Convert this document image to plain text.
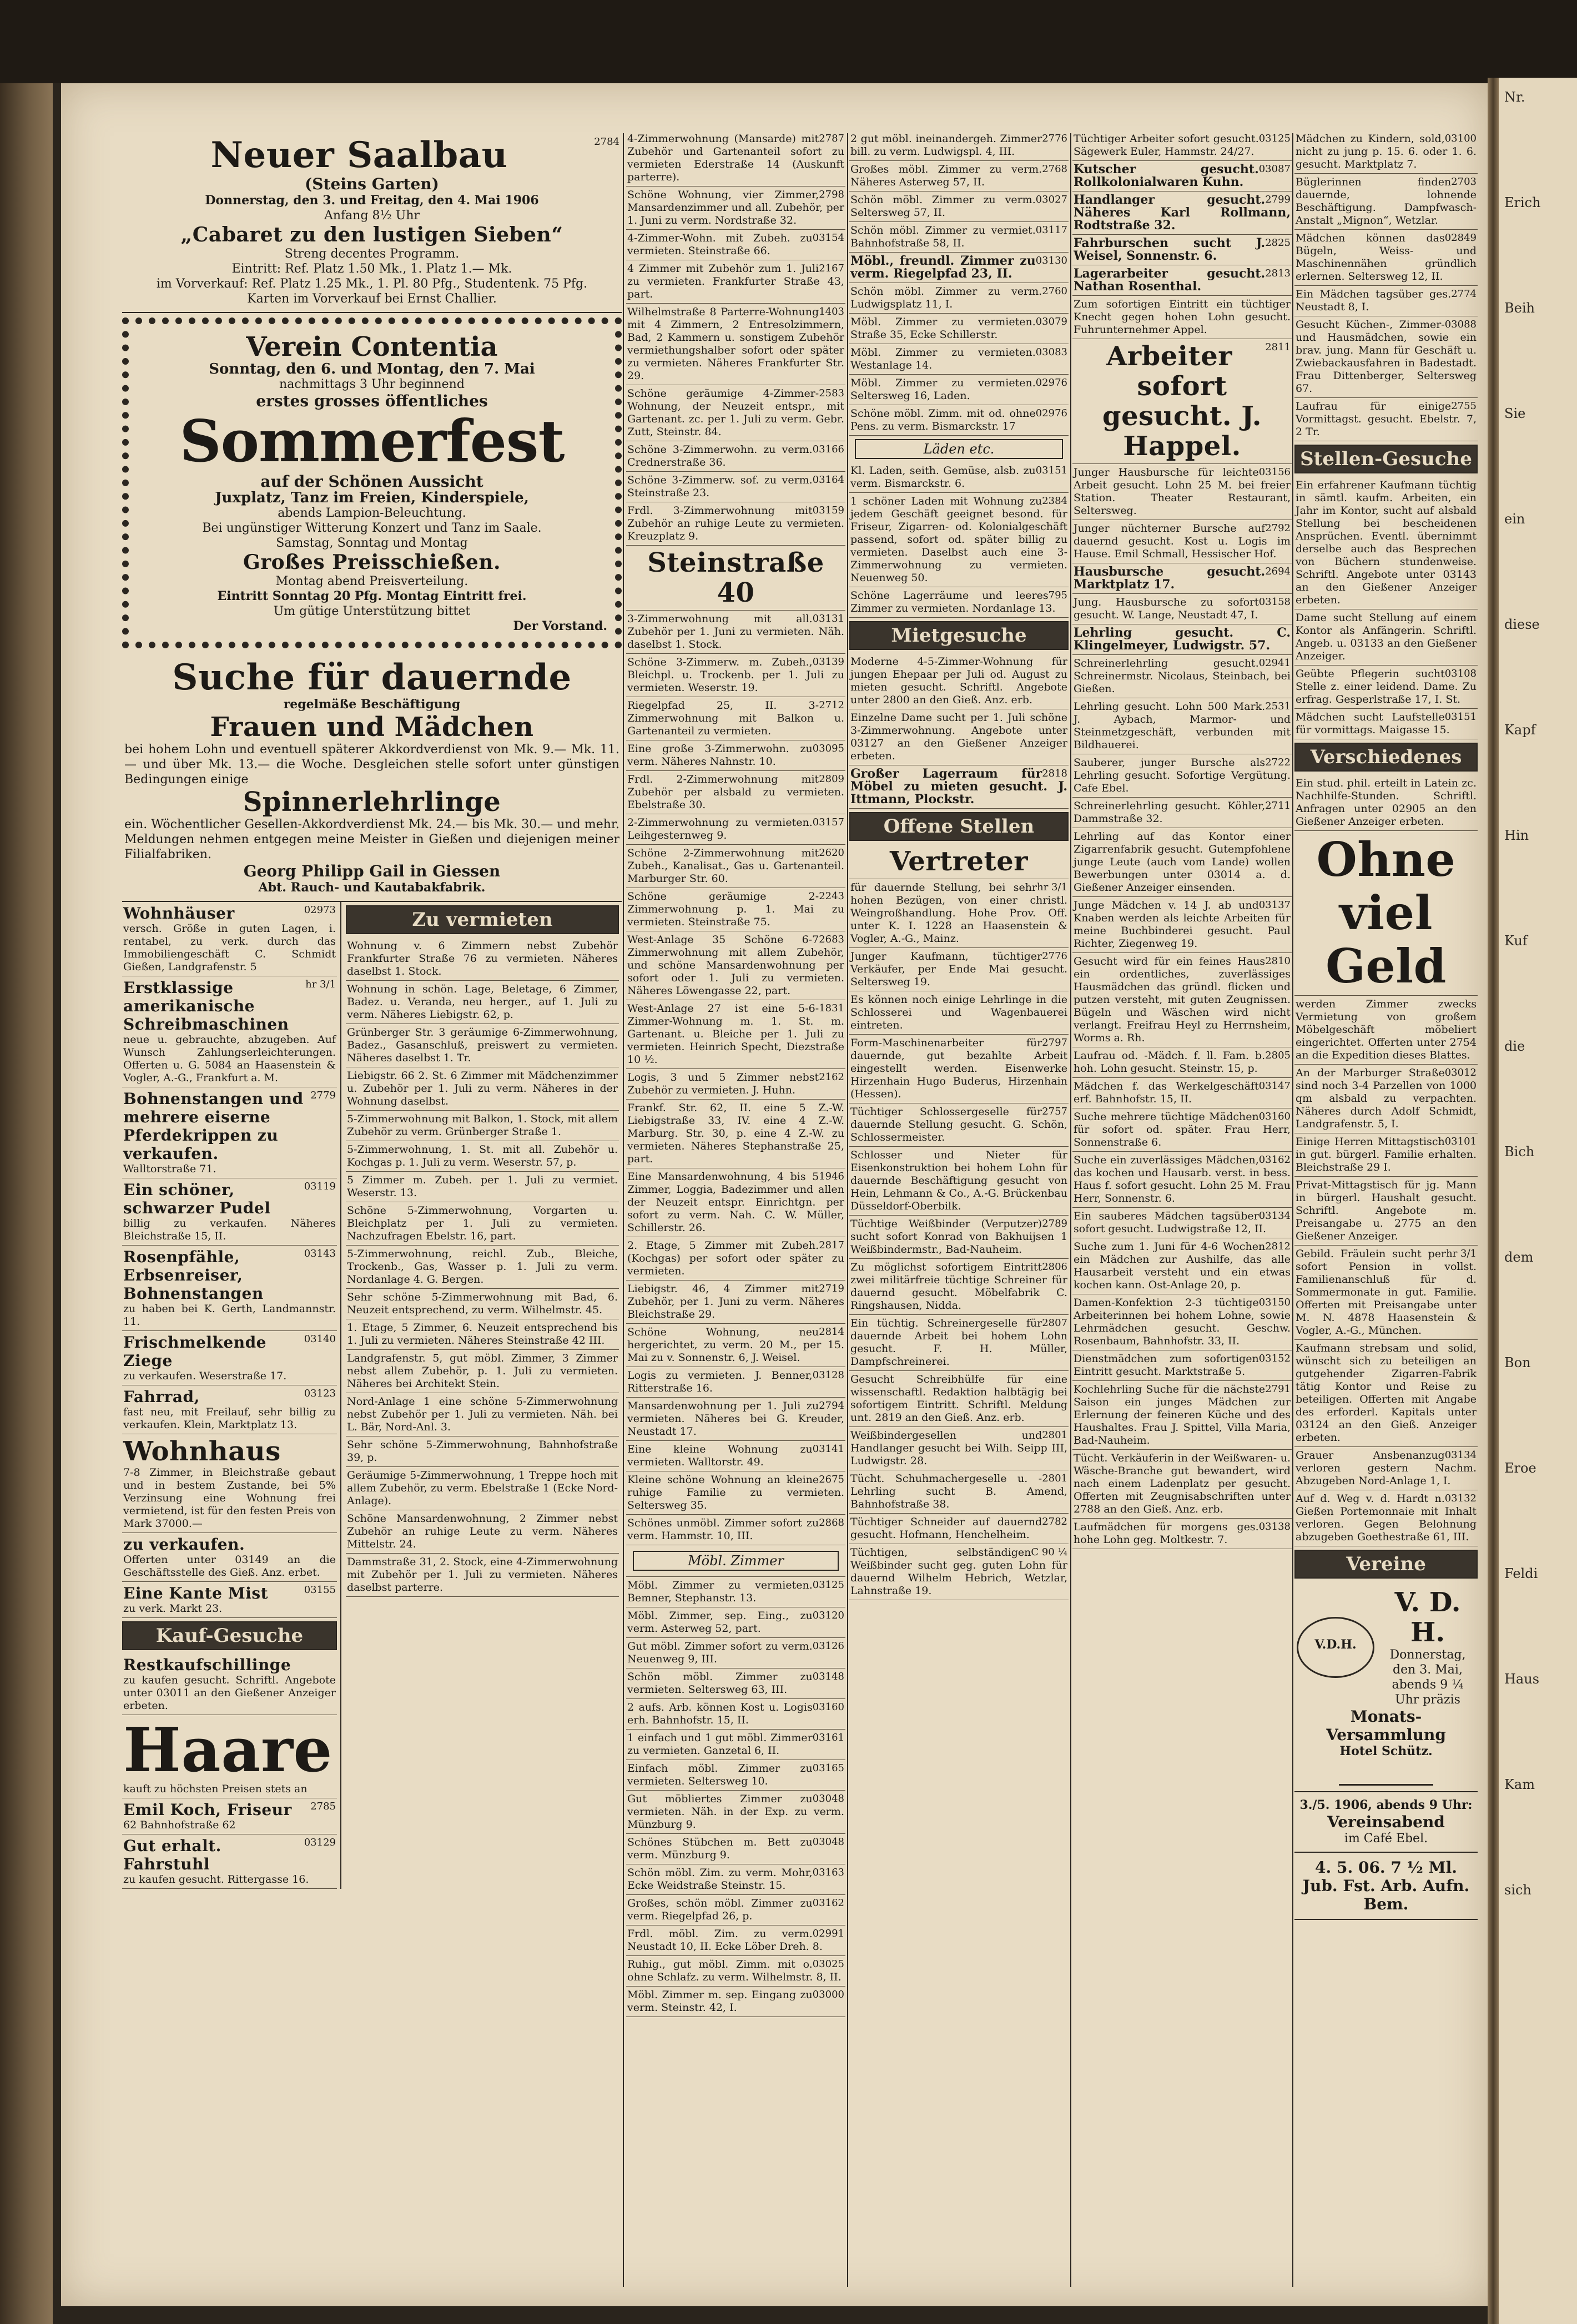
Neuer Saalbau	2784
(Steins Garten)
Donnerstag, den 3. und Freitag, den 4. Mai 1906
Anfang 8½ Uhr
„Cabaret zu den lustigen Sieben“
Streng decentes Programm.
Eintritt: Ref. Platz 1.50 Mk., 1. Platz 1.— Mk.
im Vorverkauf: Ref. Platz 1.25 Mk., 1. Pl. 80 Pfg., Studentenk. 75 Pfg.
Karten im Vorverkauf bei Ernst Challier.
Verein Contentia
Sonntag, den 6. und Montag, den 7. Mai
nachmittags 3 Uhr beginnend
erstes grosses öffentliches
Sommerfest
auf der Schönen Aussicht
Juxplatz, Tanz im Freien, Kinderspiele,
abends Lampion-Beleuchtung.
Bei ungünstiger Witterung Konzert und Tanz im Saale.
Samstag, Sonntag und Montag
Großes Preisschießen.
Montag abend Preisverteilung.
Eintritt Sonntag 20 Pfg. Montag Eintritt frei.
Um gütige Unterstützung bittet
Der Vorstand.
Suche für dauernde
regelmäße Beschäftigung
Frauen und Mädchen
bei hohem Lohn und eventuell späterer Akkordverdienst von Mk. 9.— Mk. 11.— und über Mk. 13.— die Woche. Desgleichen stelle sofort unter günstigen Bedingungen einige
Spinnerlehrlinge
ein. Wöchentlicher Gesellen-Akkordverdienst Mk. 24.— bis Mk. 30.— und mehr. Meldungen nehmen entgegen meine Meister in Gießen und diejenigen meiner Filialfabriken.
Georg Philipp Gail in Giessen
Abt. Rauch- und Kautabakfabrik.
02973
Wohnhäuser
versch. Größe in guten Lagen, i. rentabel, zu verk. durch das Immobiliengeschäft C. Schmidt Gießen, Landgrafenstr. 5
hr 3/1
Erstklassige amerikanische Schreibmaschinen
neue u. gebrauchte, abzugeben. Auf Wunsch Zahlungserleichterungen. Offerten u. G. 5084 an Haasenstein & Vogler, A.-G., Frankfurt a. M.
2779
Bohnenstangen und mehrere eiserne Pferdekrippen zu verkaufen.
Walltorstraße 71.
03119
Ein schöner, schwarzer Pudel
billig zu verkaufen. Näheres Bleichstraße 15, II.
03143
Rosenpfähle, Erbsenreiser, Bohnenstangen
zu haben bei K. Gerth, Landmannstr. 11.
03140
Frischmelkende Ziege
zu verkaufen. Weserstraße 17.
03123
Fahrrad,
fast neu, mit Freilauf, sehr billig zu verkaufen. Klein, Marktplatz 13.
Wohnhaus
7-8 Zimmer, in Bleichstraße gebaut und in bestem Zustande, bei 5% Verzinsung eine Wohnung frei vermietend, ist für den festen Preis von Mark 37000.—
zu verkaufen.
Offerten unter 03149 an die Geschäftsstelle des Gieß. Anz. erbet.
03155
Eine Kante Mist
zu verk. Markt 23.
Kauf-Gesuche
Restkaufschillinge
zu kaufen gesucht. Schriftl. Angebote unter 03011 an den Gießener Anzeiger erbeten.
Haare
kauft zu höchsten Preisen stets an
2785
Emil Koch, Friseur
62 Bahnhofstraße 62
03129
Gut erhalt. Fahrstuhl
zu kaufen gesucht. Rittergasse 16.
Zu vermieten
Wohnung v. 6 Zimmern nebst Zubehör Frankfurter Straße 76 zu vermieten. Näheres daselbst 1. Stock.
Wohnung in schön. Lage, Beletage, 6 Zimmer, Badez. u. Veranda, neu herger., auf 1. Juli zu verm. Näheres Liebigstr. 62, p.
Grünberger Str. 3 geräumige 6-Zimmerwohnung, Badez., Gasanschluß, preiswert zu vermieten. Näheres daselbst 1. Tr.
Liebigstr. 66 2. St. 6 Zimmer mit Mädchenzimmer u. Zubehör per 1. Juli zu verm. Näheres in der Wohnung daselbst.
5-Zimmerwohnung mit Balkon, 1. Stock, mit allem Zubehör zu verm. Grünberger Straße 1.
5-Zimmerwohnung, 1. St. mit all. Zubehör u. Kochgas p. 1. Juli zu verm. Weserstr. 57, p.
5 Zimmer m. Zubeh. per 1. Juli zu vermiet. Weserstr. 13.
Schöne 5-Zimmerwohnung, Vorgarten u. Bleichplatz per 1. Juli zu vermieten. Nachzufragen Ebelstr. 16, part.
5-Zimmerwohnung, reichl. Zub., Bleiche, Trockenb., Gas, Wasser p. 1. Juli zu verm. Nordanlage 4. G. Bergen.
Sehr schöne 5-Zimmerwohnung mit Bad, 6. Neuzeit entsprechend, zu verm. Wilhelmstr. 45.
1. Etage, 5 Zimmer, 6. Neuzeit entsprechend bis 1. Juli zu vermieten. Näheres Steinstraße 42 III.
Landgrafenstr. 5, gut möbl. Zimmer, 3 Zimmer nebst allem Zubehör, p. 1. Juli zu vermieten. Näheres bei Architekt Stein.
Nord-Anlage 1 eine schöne 5-Zimmerwohnung nebst Zubehör per 1. Juli zu vermieten. Näh. bei L. Bär, Nord-Anl. 3.
Sehr schöne 5-Zimmerwohnung, Bahnhofstraße 39, p.
Geräumige 5-Zimmerwohnung, 1 Treppe hoch mit allem Zubehör, zu verm. Ebelstraße 1 (Ecke Nord-Anlage).
Schöne Mansardenwohnung, 2 Zimmer nebst Zubehör an ruhige Leute zu verm. Näheres Mittelstr. 24.
Dammstraße 31, 2. Stock, eine 4-Zimmerwohnung mit Zubehör per 1. Juli zu vermieten. Näheres daselbst parterre.
2787
4-Zimmerwohnung (Mansarde) mit Zubehör und Gartenanteil sofort zu vermieten Ederstraße 14 (Auskunft parterre).
2798
Schöne Wohnung, vier Zimmer, Mansardenzimmer und all. Zubehör, per 1. Juni zu verm. Nordstraße 32.
03154
4-Zimmer-Wohn. mit Zubeh. zu vermieten. Steinstraße 66.
2167
4 Zimmer mit Zubehör zum 1. Juli zu vermieten. Frankfurter Straße 43, part.
1403
Wilhelmstraße 8 Parterre-Wohnung mit 4 Zimmern, 2 Entresolzimmern, Bad, 2 Kammern u. sonstigem Zubehör vermiethungshalber sofort oder später zu vermieten. Näheres Frankfurter Str. 29.
2583
Schöne geräumige 4-Zimmer-Wohnung, der Neuzeit entspr., mit Gartenant. zc. per 1. Juli zu verm. Gebr. Zutt, Steinstr. 84.
03166
Schöne 3-Zimmerwohn. zu verm. Crednerstraße 36.
03164
Schöne 3-Zimmerw. sof. zu verm. Steinstraße 23.
03159
Frdl. 3-Zimmerwohnung mit Zubehör an ruhige Leute zu vermieten. Kreuzplatz 9.
Steinstraße 40
03131
3-Zimmerwohnung mit all. Zubehör per 1. Juni zu vermieten. Näh. daselbst 1. Stock.
03139
Schöne 3-Zimmerw. m. Zubeh., Bleichpl. u. Trockenb. per 1. Juli zu vermieten. Weserstr. 19.
2712
Riegelpfad 25, II. 3-Zimmerwohnung mit Balkon u. Gartenanteil zu vermieten.
03095
Eine große 3-Zimmerwohn. zu verm. Näheres Nahnstr. 10.
2809
Frdl. 2-Zimmerwohnung mit Zubehör per alsbald zu vermieten. Ebelstraße 30.
03157
2-Zimmerwohnung zu vermieten. Leihgesternweg 9.
2620
Schöne 2-Zimmerwohnung mit Zubeh., Kanalisat., Gas u. Gartenanteil. Marburger Str. 60.
2243
Schöne geräumige 2-Zimmerwohnung p. 1. Mai zu vermieten. Steinstraße 75.
2683
West-Anlage 35 Schöne 6-7 Zimmerwohnung mit allem Zubehör, und schöne Mansardenwohnung per sofort oder 1. Juli zu vermieten. Näheres Löwengasse 22, part.
1831
West-Anlage 27 ist eine 5-6-Zimmer-Wohnung m. 1. St. m. Gartenant. u. Bleiche per 1. Juli zu vermieten. Heinrich Specht, Diezstraße 10 ½.
2162
Logis, 3 und 5 Zimmer nebst Zubehör zu vermieten. J. Huhn.
Frankf. Str. 62, II. eine 5 Z.-W. Liebigstraße 33, IV. eine 4 Z.-W. Marburg. Str. 30, p. eine 4 Z.-W. zu vermieten. Näheres Stephanstraße 25, part.
1946
Eine Mansardenwohnung, 4 bis 5 Zimmer, Loggia, Badezimmer und allen der Neuzeit entspr. Einrichtgn. per sofort zu verm. Nah. C. W. Müller, Schillerstr. 26.
2817
2. Etage, 5 Zimmer mit Zubeh. (Kochgas) per sofort oder später zu vermieten.
2719
Liebigstr. 46, 4 Zimmer mit Zubehör, per 1. Juni zu verm. Näheres Bleichstraße 29.
2814
Schöne Wohnung, neu hergerichtet, zu verm. 20 M., per 15. Mai zu v. Sonnenstr. 6, J. Weisel.
03128
Logis zu vermieten. J. Benner, Ritterstraße 16.
2794
Mansardenwohnung per 1. Juli zu vermieten. Näheres bei G. Kreuder, Neustadt 17.
03141
Eine kleine Wohnung zu vermieten. Walltorstr. 49.
2675
Kleine schöne Wohnung an kleine ruhige Familie zu vermieten. Seltersweg 35.
2868
Schönes unmöbl. Zimmer sofort zu verm. Hammstr. 10, III.
Möbl. Zimmer
03125
Möbl. Zimmer zu vermieten. Bemner, Stephanstr. 13.
03120
Möbl. Zimmer, sep. Eing., zu verm. Asterweg 52, part.
03126
Gut möbl. Zimmer sofort zu verm. Neuenweg 9, III.
03148
Schön möbl. Zimmer zu vermieten. Seltersweg 63, III.
03160
2 aufs. Arb. können Kost u. Logis erh. Bahnhofstr. 15, II.
03161
1 einfach und 1 gut möbl. Zimmer zu vermieten. Ganzetal 6, II.
03165
Einfach möbl. Zimmer zu vermieten. Seltersweg 10.
03048
Gut möbliertes Zimmer zu vermieten. Näh. in der Exp. zu verm. Münzburg 9.
03048
Schönes Stübchen m. Bett zu verm. Münzburg 9.
03163
Schön möbl. Zim. zu verm. Mohr, Ecke Weidstraße Steinstr. 15.
03162
Großes, schön möbl. Zimmer zu verm. Riegelpfad 26, p.
02991
Frdl. möbl. Zim. zu verm. Neustadt 10, II. Ecke Löber Dreh. 8.
03025
Ruhig., gut möbl. Zimm. mit o. ohne Schlafz. zu verm. Wilhelmstr. 8, II.
03000
Möbl. Zimmer m. sep. Eingang zu verm. Steinstr. 42, I.
2776
2 gut möbl. ineinandergeh. Zimmer bill. zu verm. Ludwigspl. 4, III.
2768
Großes möbl. Zimmer zu verm. Näheres Asterweg 57, II.
03027
Schön möbl. Zimmer zu verm. Seltersweg 57, II.
03117
Schön möbl. Zimmer zu vermiet. Bahnhofstraße 58, II.
03130
Möbl., freundl. Zimmer zu verm. Riegelpfad 23, II.
2760
Schön möbl. Zimmer zu verm. Ludwigsplatz 11, I.
03079
Möbl. Zimmer zu vermieten. Straße 35, Ecke Schillerstr.
03083
Möbl. Zimmer zu vermieten. Westanlage 14.
02976
Möbl. Zimmer zu vermieten. Seltersweg 16, Laden.
02976
Schöne möbl. Zimm. mit od. ohne Pens. zu verm. Bismarckstr. 17
Läden etc.
03151
Kl. Laden, seith. Gemüse, alsb. zu verm. Bismarckstr. 6.
2384
1 schöner Laden mit Wohnung zu jedem Geschäft geeignet besond. für Friseur, Zigarren- od. Kolonialgeschäft passend, sofort od. später billig zu vermieten. Daselbst auch eine 3-Zimmerwohnung zu vermieten. Neuenweg 50.
795
Schöne Lagerräume und leeres Zimmer zu vermieten. Nordanlage 13.
Mietgesuche
Moderne 4-5-Zimmer-Wohnung für jungen Ehepaar per Juli od. August zu mieten gesucht. Schriftl. Angebote unter 2800 an den Gieß. Anz. erb.
Einzelne Dame sucht per 1. Juli schöne 3-Zimmerwohnung. Angebote unter 03127 an den Gießener Anzeiger erbeten.
2818
Großer Lagerraum für Möbel zu mieten gesucht. J. Ittmann, Plockstr.
Offene Stellen
Vertreter
hr 3/1
für dauernde Stellung, bei sehr hohen Bezügen, von einer christl. Weingroßhandlung. Hohe Prov. Off. unter K. I. 1228 an Haasenstein & Vogler, A.-G., Mainz.
2776
Junger Kaufmann, tüchtiger Verkäufer, per Ende Mai gesucht. Seltersweg 19.
Es können noch einige Lehrlinge in die Schlosserei und Wagenbauerei eintreten.
2797
Form-Maschinenarbeiter für dauernde, gut bezahlte Arbeit eingestellt werden. Eisenwerke Hirzenhain Hugo Buderus, Hirzenhain (Hessen).
2757
Tüchtiger Schlossergeselle für dauernde Stellung gesucht. G. Schön, Schlossermeister.
Schlosser und Nieter für Eisenkonstruktion bei hohem Lohn für dauernde Beschäftigung gesucht von Hein, Lehmann & Co., A.-G. Brückenbau Düsseldorf-Oberbilk.
2789
Tüchtige Weißbinder (Verputzer) sucht sofort Konrad von Bakhuijsen 1 Weißbindermstr., Bad-Nauheim.
2806
Zu möglichst sofortigem Eintritt zwei militärfreie tüchtige Schreiner für dauernd gesucht. Möbelfabrik C. Ringshausen, Nidda.
2807
Ein tüchtig. Schreinergeselle für dauernde Arbeit bei hohem Lohn gesucht. F. H. Müller, Dampfschreinerei.
Gesucht Schreibhülfe für eine wissenschaftl. Redaktion halbtägig bei sofortigem Eintritt. Schriftl. Meldung unt. 2819 an den Gieß. Anz. erb.
2801
Weißbindergesellen und Handlanger gesucht bei Wilh. Seipp III, Ludwigstr. 28.
2801
Tücht. Schuhmachergeselle u. -Lehrling sucht B. Amend, Bahnhofstraße 38.
2782
Tüchtiger Schneider auf dauernd gesucht. Hofmann, Henchelheim.
C 90 ¼
Tüchtigen, selbständigen Weißbinder sucht geg. guten Lohn für dauernd Wilhelm Hebrich, Wetzlar, Lahnstraße 19.
03125
Tüchtiger Arbeiter sofort gesucht. Sägewerk Euler, Hammstr. 24/27.
03087
Kutscher gesucht. Rollkolonialwaren Kuhn.
2799
Handlanger gesucht. Näheres Karl Rollmann, Rodtstraße 32.
2825
Fahrburschen sucht J. Weisel, Sonnenstr. 6.
2813
Lagerarbeiter gesucht. Nathan Rosenthal.
Zum sofortigen Eintritt ein tüchtiger Knecht gegen hohen Lohn gesucht. Fuhrunternehmer Appel.
2811
Arbeiter sofort gesucht. J. Happel.
03156
Junger Hausbursche für leichte Arbeit gesucht. Lohn 25 M. bei freier Station. Theater Restaurant, Seltersweg.
2792
Junger nüchterner Bursche auf dauernd gesucht. Kost u. Logis im Hause. Emil Schmall, Hessischer Hof.
2694
Hausbursche gesucht. Marktplatz 17.
03158
Jung. Hausbursche zu sofort gesucht. W. Lange, Neustadt 47, I.
Lehrling gesucht. C. Klingelmeyer, Ludwigstr. 57.
02941
Schreinerlehrling gesucht. Schreinermstr. Nicolaus, Steinbach, bei Gießen.
2531
Lehrling gesucht. Lohn 500 Mark. J. Aybach, Marmor- und Steinmetzgeschäft, verbunden mit Bildhauerei.
2722
Sauberer, junger Bursche als Lehrling gesucht. Sofortige Vergütung. Cafe Ebel.
2711
Schreinerlehrling gesucht. Köhler, Dammstraße 32.
Lehrling auf das Kontor einer Zigarrenfabrik gesucht. Gutempfohlene junge Leute (auch vom Lande) wollen Bewerbungen unter 03014 a. d. Gießener Anzeiger einsenden.
03137
Junge Mädchen v. 14 J. ab und Knaben werden als leichte Arbeiten für meine Buchbinderei gesucht. Paul Richter, Ziegenweg 19.
2810
Gesucht wird für ein feines Haus ein ordentliches, zuverlässiges Hausmädchen das gründl. flicken und putzen versteht, mit guten Zeugnissen. Bügeln und Wäschen wird nicht verlangt. Freifrau Heyl zu Herrnsheim, Worms a. Rh.
2805
Laufrau od. -Mädch. f. ll. Fam. b. hoh. Lohn gesucht. Steinstr. 15, p.
03147
Mädchen f. das Werkelgeschäft erf. Bahnhofstr. 15, II.
03160
Suche mehrere tüchtige Mädchen für sofort od. später. Frau Herr, Sonnenstraße 6.
03162
Suche ein zuverlässiges Mädchen, das kochen und Hausarb. verst. in bess. Haus f. sofort gesucht. Lohn 25 M. Frau Herr, Sonnenstr. 6.
03134
Ein sauberes Mädchen tagsüber sofort gesucht. Ludwigstraße 12, II.
2812
Suche zum 1. Juni für 4-6 Wochen ein Mädchen zur Aushilfe, das alle Hausarbeit versteht und ein etwas kochen kann. Ost-Anlage 20, p.
03150
Damen-Konfektion 2-3 tüchtige Arbeiterinnen bei hohem Lohne, sowie Lehrmädchen gesucht. Geschw. Rosenbaum, Bahnhofstr. 33, II.
03152
Dienstmädchen zum sofortigen Eintritt gesucht. Marktstraße 5.
2791
Kochlehrling Suche für die nächste Saison ein junges Mädchen zur Erlernung der feineren Küche und des Haushaltes. Frau J. Spittel, Villa Maria, Bad-Nauheim.
Tücht. Verkäuferin in der Weißwaren- u. Wäsche-Branche gut bewandert, wird nach einem Ladenplatz per gesucht. Offerten mit Zeugnisabschriften unter 2788 an den Gieß. Anz. erb.
03138
Laufmädchen für morgens ges. hohe Lohn geg. Moltkestr. 7.
03100
Mädchen zu Kindern, sold, nicht zu jung p. 15. 6. oder 1. 6. gesucht. Marktplatz 7.
2703
Büglerinnen finden dauernde, lohnende Beschäftigung. Dampfwasch-Anstalt „Mignon“, Wetzlar.
02849
Mädchen können das Bügeln, Weiss- und Maschinennähen gründlich erlernen. Seltersweg 12, II.
2774
Ein Mädchen tagsüber ges. Neustadt 8, I.
03088
Gesucht Küchen-, Zimmer- und Hausmädchen, sowie ein brav. jung. Mann für Geschäft u. Zwiebackausfahren in Badestadt. Frau Dittenberger, Seltersweg 67.
2755
Laufrau für einige Vormittagst. gesucht. Ebelstr. 7, 2 Tr.
Stellen-Gesuche
Ein erfahrener Kaufmann tüchtig in sämtl. kaufm. Arbeiten, ein Jahr im Kontor, sucht auf alsbald Stellung bei bescheidenen Ansprüchen. Eventl. übernimmt derselbe auch das Besprechen von Büchern stundenweise. Schriftl. Angebote unter 03143 an den Gießener Anzeiger erbeten.
Dame sucht Stellung auf einem Kontor als Anfängerin. Schriftl. Angeb. u. 03133 an den Gießener Anzeiger.
03108
Geübte Pflegerin sucht Stelle z. einer leidend. Dame. Zu erfrag. Gesperlstraße 17, I. St.
03151
Mädchen sucht Laufstelle für vormittags. Maigasse 15.
Verschiedenes
Ein stud. phil. erteilt in Latein zc. Nachhilfe-Stunden. Schriftl. Anfragen unter 02905 an den Gießener Anzeiger erbeten.
Ohne viel Geld
werden Zimmer zwecks Vermietung von großem Möbelgeschäft möbeliert eingerichtet. Offerten unter 2754 an die Expedition dieses Blattes.
03012
An der Marburger Straße sind noch 3-4 Parzellen von 1000 qm alsbald zu verpachten. Näheres durch Adolf Schmidt, Landgrafenstr. 5, I.
03101
Einige Herren Mittagstisch in gut. bürgerl. Familie erhalten. Bleichstraße 29 I.
Privat-Mittagstisch für jg. Mann in bürgerl. Haushalt gesucht. Schriftl. Angebote m. Preisangabe u. 2775 an den Gießener Anzeiger.
hr 3/1
Gebild. Fräulein sucht per sofort Pension in vollst. Familienanschluß für d. Sommermonate in gut. Familie. Offerten mit Preisangabe unter M. N. 4878 Haasenstein & Vogler, A.-G., München.
Kaufmann strebsam und solid, wünscht sich zu beteiligen an gutgehender Zigarren-Fabrik tätig Kontor und Reise zu beteiligen. Offerten mit Angabe des erforderl. Kapitals unter 03124 an den Gieß. Anzeiger erbeten.
03134
Grauer Ansbenanzug verloren gestern Nachm. Abzugeben Nord-Anlage 1, I.
03132
Auf d. Weg v. d. Hardt n. Gießen Portemonnaie mit Inhalt verloren. Gegen Belohnung abzugeben Goethestraße 61, III.
Vereine
V.D.H.
V. D. H.
Donnerstag, den 3. Mai, abends 9 ¼ Uhr präzis
Monats-Versammlung
Hotel Schütz.
3./5. 1906, abends 9 Uhr:
Vereinsabend
im Café Ebel.
4. 5. 06. 7 ½ Ml.
Jub. Fst. Arb. Aufn. Bem.
Nr.
Erich
Beih
Sie
ein
diese
Kapf
Hin
Kuf
die
Bich
dem
Bon
Eroe
Feldi
Haus
Kam
sich
